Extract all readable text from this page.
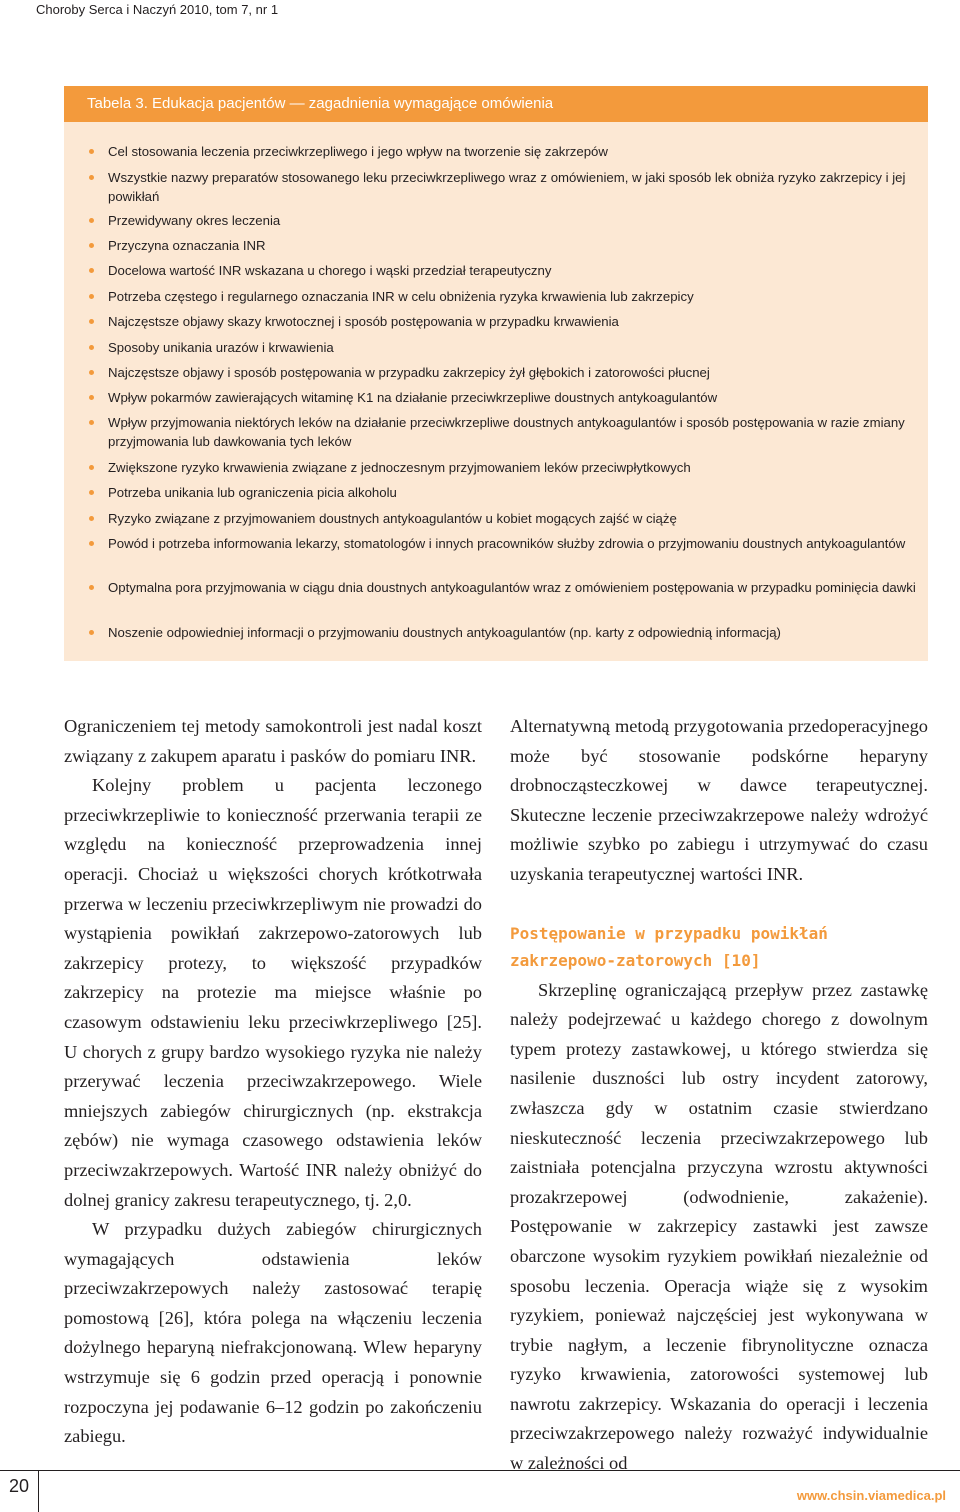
Choroby Serca i Naczyń 2010, tom 7, nr 1
Tabela 3. Edukacja pacjentów — zagadnienia wymagające omówienia
Cel stosowania leczenia przeciwkrzepliwego i jego wpływ na tworzenie się zakrzepów
Wszystkie nazwy preparatów stosowanego leku przeciwkrzepliwego wraz z omówieniem, w jaki sposób lek obniża ryzyko zakrzepicy i jej powikłań
Przewidywany okres leczenia
Przyczyna oznaczania INR
Docelowa wartość INR wskazana u chorego i wąski przedział terapeutyczny
Potrzeba częstego i regularnego oznaczania INR w celu obniżenia ryzyka krwawienia lub zakrzepicy
Najczęstsze objawy skazy krwotocznej i sposób postępowania w przypadku krwawienia
Sposoby unikania urazów i krwawienia
Najczęstsze objawy i sposób postępowania w przypadku zakrzepicy żył głębokich i zatorowości płucnej
Wpływ pokarmów zawierających witaminę K1 na działanie przeciwkrzepliwe doustnych antykoagulantów
Wpływ przyjmowania niektórych leków na działanie przeciwkrzepliwe doustnych antykoagulantów i sposób postępowania w razie zmiany przyjmowania lub dawkowania tych leków
Zwiększone ryzyko krwawienia związane z jednoczesnym przyjmowaniem leków przeciwpłytkowych
Potrzeba unikania lub ograniczenia picia alkoholu
Ryzyko związane z przyjmowaniem doustnych antykoagulantów u kobiet mogących zajść w ciążę
Powód i potrzeba informowania lekarzy, stomatologów i innych pracowników służby zdrowia o przyjmowaniu doustnych antykoagulantów
Optymalna pora przyjmowania w ciągu dnia doustnych antykoagulantów wraz z omówieniem postępowania w przypadku pominięcia dawki
Noszenie odpowiedniej informacji o przyjmowaniu doustnych antykoagulantów (np. karty z odpowiednią informacją)

Ograniczeniem tej metody samokontroli jest nadal koszt związany z zakupem aparatu i pasków do pomiaru INR.

Kolejny problem u pacjenta leczonego przeciwkrzepliwie to konieczność przerwania terapii ze względu na konieczność przeprowadzenia innej operacji. Chociaż u większości chorych krótkotrwała przerwa w leczeniu przeciwkrzepliwym nie prowadzi do wystąpienia powikłań zakrzepowo-zatorowych lub zakrzepicy protezy, to większość przypadków zakrzepicy na protezie ma miejsce właśnie po czasowym odstawieniu leku przeciwkrzepliwego [25]. U chorych z grupy bardzo wysokiego ryzyka nie należy przerywać leczenia przeciwzakrzepowego. Wiele mniejszych zabiegów chirurgicznych (np. ekstrakcja zębów) nie wymaga czasowego odstawienia leków przeciwzakrzepowych. Wartość INR należy obniżyć do dolnej granicy zakresu terapeutycznego, tj. 2,0.

W przypadku dużych zabiegów chirurgicznych wymagających odstawienia leków przeciwzakrzepowych należy zastosować terapię pomostową [26], która polega na włączeniu leczenia dożylnego heparyną niefrakcjonowaną. Wlew heparyny wstrzymuje się 6 godzin przed operacją i ponownie rozpoczyna jej podawanie 6–12 godzin po zakończeniu zabiegu.

Alternatywną metodą przygotowania przedoperacyjnego może być stosowanie podskórne heparyny drobnocząsteczkowej w dawce terapeutycznej. Skuteczne leczenie przeciwzakrzepowe należy wdrożyć możliwie szybko po zabiegu i utrzymywać do czasu uzyskania terapeutycznej wartości INR.

Postępowanie w przypadku powikłań
zakrzepowo-zatorowych [10]

Skrzeplinę ograniczającą przepływ przez zastawkę należy podejrzewać u każdego chorego z dowolnym typem protezy zastawkowej, u którego stwierdza się nasilenie duszności lub ostry incydent zatorowy, zwłaszcza gdy w ostatnim czasie stwierdzano nieskuteczność leczenia przeciwzakrzepowego lub zaistniała potencjalna przyczyna wzrostu aktywności prozakrzepowej (odwodnienie, zakażenie). Postępowanie w zakrzepicy zastawki jest zawsze obarczone wysokim ryzykiem powikłań niezależnie od sposobu leczenia. Operacja wiąże się z wysokim ryzykiem, ponieważ najczęściej jest wykonywana w trybie nagłym, a leczenie fibrynolityczne oznacza ryzyko krwawienia, zatorowości systemowej lub nawrotu zakrzepicy. Wskazania do operacji i leczenia przeciwzakrzepowego należy rozważyć indywidualnie w zależności od

20	www.chsin.viamedica.pl
